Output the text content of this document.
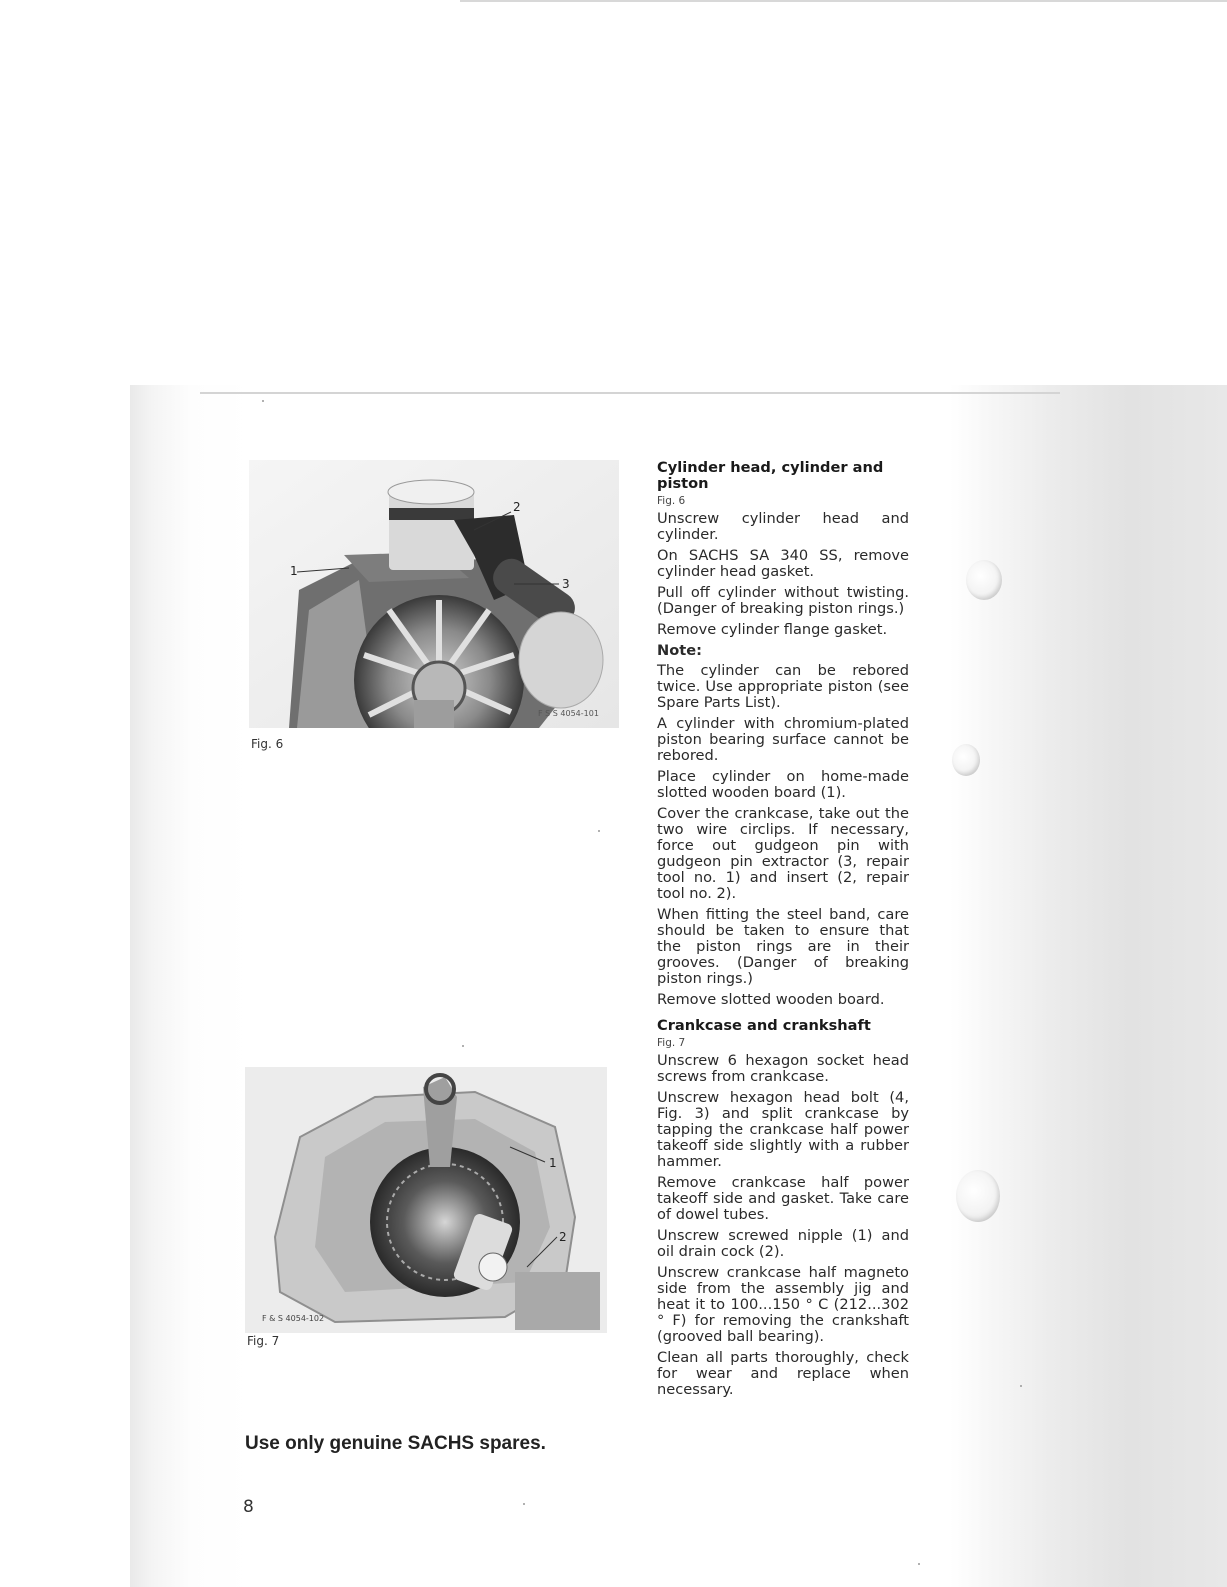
1
2
3
F S S 4054-101
Fig. 6
1
2
F & S 4054-102
Fig. 7
Cylinder head, cylinder and piston
Fig. 6

Unscrew cylinder head and cylinder.

On SACHS SA 340 SS, remove cylinder head gasket.

Pull off cylinder without twisting. (Danger of breaking piston rings.)

Remove cylinder flange gasket.

Note:

The cylinder can be rebored twice. Use appropriate piston (see Spare Parts List).

A cylinder with chromium-plated piston bearing surface cannot be rebored.

Place cylinder on home-made slotted wooden board (1).

Cover the crankcase, take out the two wire circlips. If necessary, force out gudgeon pin with gudgeon pin extractor (3, repair tool no. 1) and insert (2, repair tool no. 2).

When fitting the steel band, care should be taken to ensure that the piston rings are in their grooves. (Danger of breaking piston rings.)

Remove slotted wooden board.

Crankcase and crankshaft
Fig. 7

Unscrew 6 hexagon socket head screws from crankcase.

Unscrew hexagon head bolt (4, Fig. 3) and split crankcase by tapping the crankcase half power takeoff side slightly with a rubber hammer.

Remove crankcase half power takeoff side and gasket. Take care of dowel tubes.

Unscrew screwed nipple (1) and oil drain cock (2).

Unscrew crankcase half magneto side from the assembly jig and heat it to 100...150 ° C (212...302 ° F) for removing the crankshaft (grooved ball bearing).

Clean all parts thoroughly, check for wear and replace when necessary.

Use only genuine SACHS spares.
8
